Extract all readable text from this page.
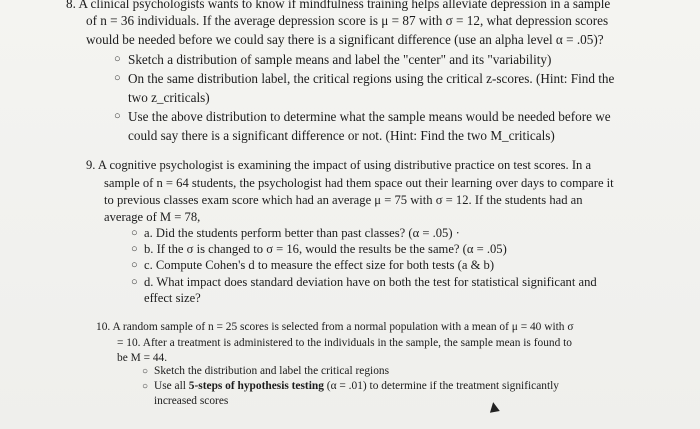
8. A clinical psychologists wants to know if mindfulness training helps alleviate depression in a sample
of n = 36 individuals. If the average depression score is μ = 87 with σ = 12, what depression scores
would be needed before we could say there is a significant difference (use an alpha level α = .05)?
○ Sketch a distribution of sample means and label the "center" and its "variability)
○ On the same distribution label, the critical regions using the critical z-scores. (Hint: Find the
two z_criticals)
○ Use the above distribution to determine what the sample means would be needed before we
could say there is a significant difference or not. (Hint: Find the two M_criticals)
9. A cognitive psychologist is examining the impact of using distributive practice on test scores. In a
sample of n = 64 students, the psychologist had them space out their learning over days to compare it
to previous classes exam score which had an average μ = 75 with σ = 12. If the students had an
average of M = 78,
○ a. Did the students perform better than past classes? (α = .05) ·
○ b. If the σ is changed to σ = 16, would the results be the same? (α = .05)
○ c. Compute Cohen's d to measure the effect size for both tests (a & b)
○ d. What impact does standard deviation have on both the test for statistical significant and
effect size?
10. A random sample of n = 25 scores is selected from a normal population with a mean of μ = 40 with σ
= 10. After a treatment is administered to the individuals in the sample, the sample mean is found to
be M = 44.
○ Sketch the distribution and label the critical regions
○ Use all 5-steps of hypothesis testing (α = .01) to determine if the treatment significantly
increased scores
